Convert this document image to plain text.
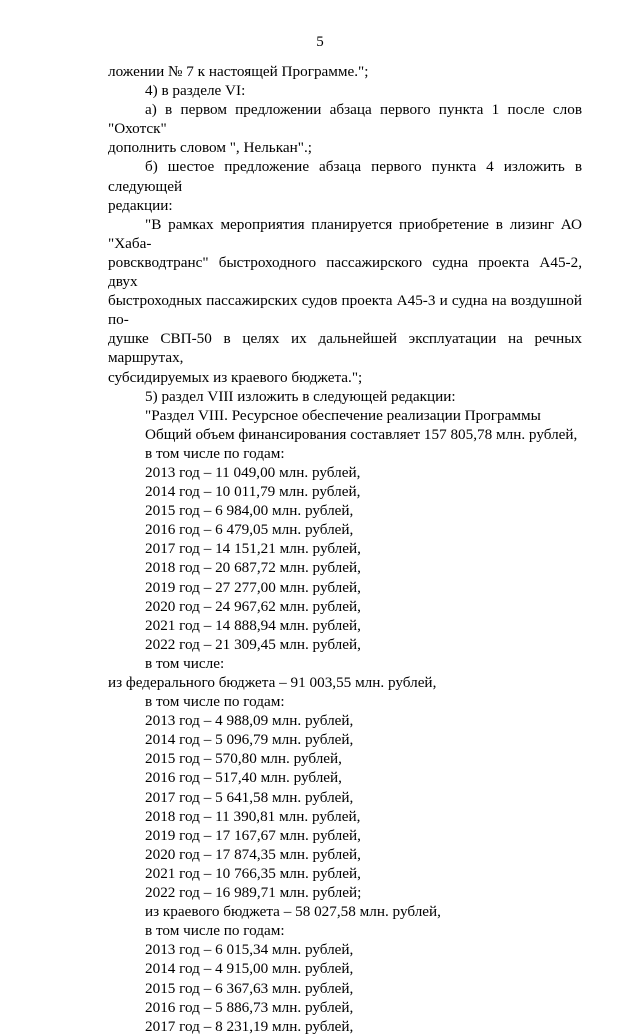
5

ложении № 7 к настоящей Программе.";

4) в разделе VI:

а) в первом предложении абзаца первого пункта 1 после слов "Охотск"

дополнить словом ", Нелькан".;

б) шестое предложение абзаца первого пункта 4 изложить в следующей

редакции:

"В рамках мероприятия планируется приобретение в лизинг АО "Хаба-

ровскводтранс" быстроходного пассажирского судна проекта А45-2, двух

быстроходных пассажирских судов проекта А45-3 и судна на воздушной по-

душке СВП-50 в целях их дальнейшей эксплуатации на речных маршрутах,

субсидируемых из краевого бюджета.";

5) раздел VIII изложить в следующей редакции:

"Раздел VIII. Ресурсное обеспечение реализации Программы

Общий объем финансирования составляет 157 805,78 млн. рублей,

в том числе по годам:

2013 год – 11 049,00 млн. рублей,

2014 год – 10 011,79 млн. рублей,

2015 год – 6 984,00 млн. рублей,

2016 год – 6 479,05 млн. рублей,

2017 год – 14 151,21 млн. рублей,

2018 год – 20 687,72 млн. рублей,

2019 год – 27 277,00 млн. рублей,

2020 год – 24 967,62 млн. рублей,

2021 год – 14 888,94 млн. рублей,

2022 год – 21 309,45 млн. рублей,

в том числе:

из федерального бюджета – 91 003,55 млн. рублей,

в том числе по годам:

2013 год – 4 988,09 млн. рублей,

2014 год – 5 096,79 млн. рублей,

2015 год – 570,80 млн. рублей,

2016 год – 517,40 млн. рублей,

2017 год – 5 641,58 млн. рублей,

2018 год – 11 390,81 млн. рублей,

2019 год – 17 167,67 млн. рублей,

2020 год – 17 874,35 млн. рублей,

2021 год – 10 766,35 млн. рублей,

2022 год – 16 989,71 млн. рублей;

из краевого бюджета – 58 027,58 млн. рублей,

в том числе по годам:

2013 год – 6 015,34 млн. рублей,

2014 год – 4 915,00 млн. рублей,

2015 год – 6 367,63 млн. рублей,

2016 год – 5 886,73 млн. рублей,

2017 год – 8 231,19 млн. рублей,
